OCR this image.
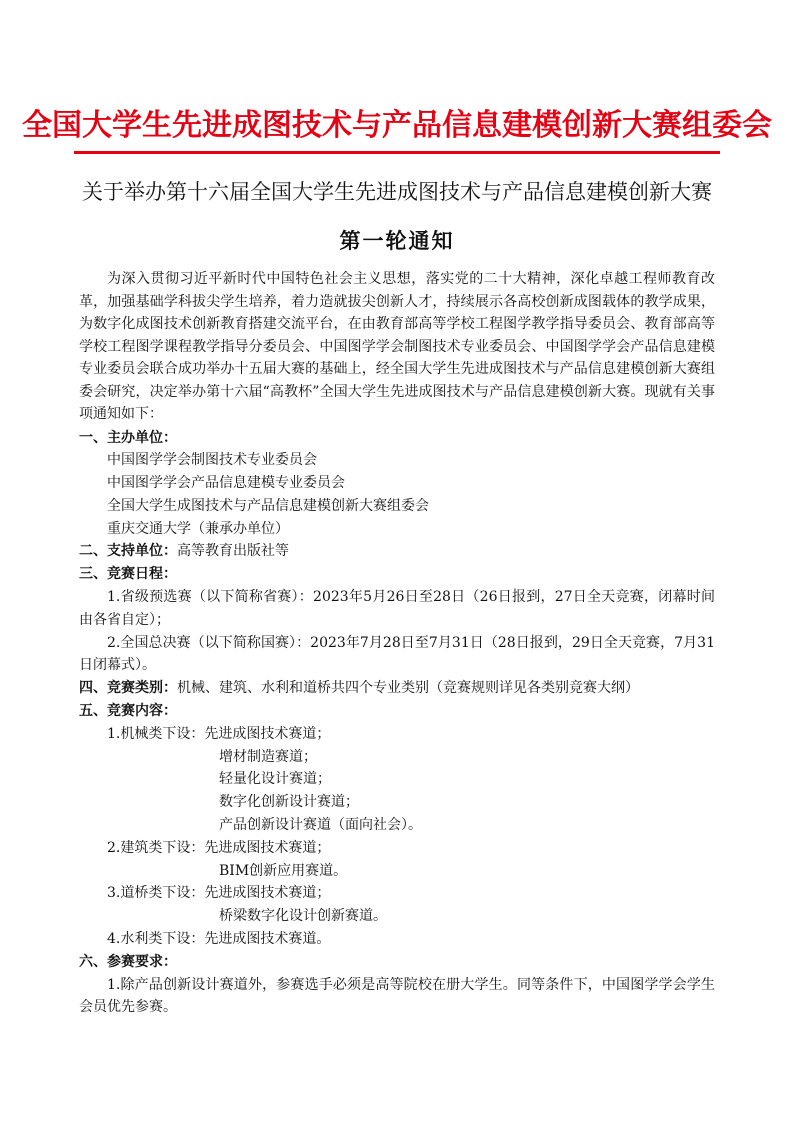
全国大学生先进成图技术与产品信息建模创新大赛组委会
关于举办第十六届全国大学生先进成图技术与产品信息建模创新大赛
第一轮通知

为深入贯彻习近平新时代中国特色社会主义思想，落实党的二十大精神，深化卓越工程师教育改革，加强基础学科拔尖学生培养，着力造就拔尖创新人才，持续展示各高校创新成图载体的教学成果，为数字化成图技术创新教育搭建交流平台，在由教育部高等学校工程图学教学指导委员会、教育部高等学校工程图学课程教学指导分委员会、中国图学学会制图技术专业委员会、中国图学学会产品信息建模专业委员会联合成功举办十五届大赛的基础上，经全国大学生先进成图技术与产品信息建模创新大赛组委会研究，决定举办第十六届“高教杯”全国大学生先进成图技术与产品信息建模创新大赛。现就有关事项通知如下：

一、主办单位：
中国图学学会制图技术专业委员会
中国图学学会产品信息建模专业委员会
全国大学生成图技术与产品信息建模创新大赛组委会
重庆交通大学（兼承办单位）
二、支持单位：高等教育出版社等
三、竞赛日程：

1.省级预选赛（以下简称省赛）：2023年5月26日至28日（26日报到，27日全天竞赛，闭幕时间由各省自定）；

2.全国总决赛（以下简称国赛）：2023年7月28日至7月31日（28日报到，29日全天竞赛，7月31日闭幕式）。

四、竞赛类别：机械、建筑、水利和道桥共四个专业类别（竞赛规则详见各类别竞赛大纲）
五、竞赛内容：
1.机械类下设：先进成图技术赛道；
增材制造赛道；
轻量化设计赛道；
数字化创新设计赛道；
产品创新设计赛道（面向社会）。
2.建筑类下设：先进成图技术赛道；
BIM创新应用赛道。
3.道桥类下设：先进成图技术赛道；
桥梁数字化设计创新赛道。
4.水利类下设：先进成图技术赛道。
六、参赛要求：

1.除产品创新设计赛道外，参赛选手必须是高等院校在册大学生。同等条件下，中国图学学会学生会员优先参赛。
